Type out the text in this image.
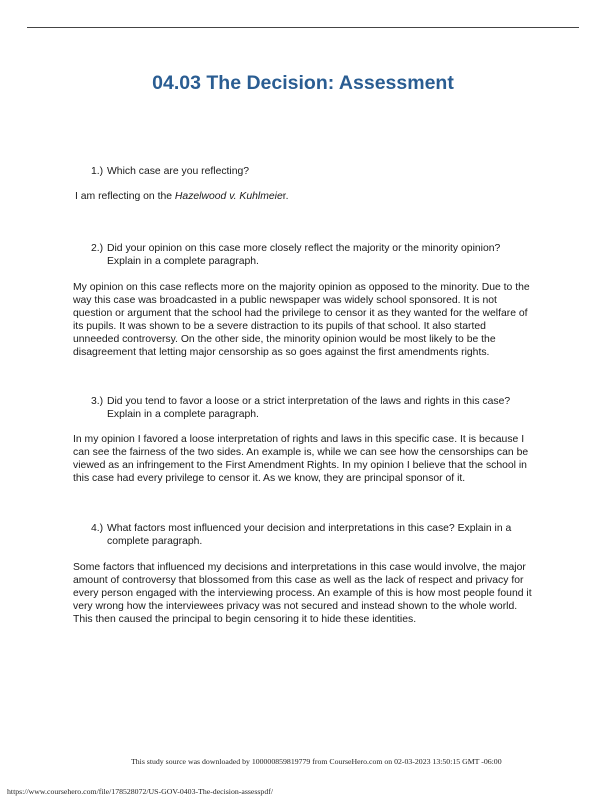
04.03 The Decision: Assessment
1.) Which case are you reflecting?

I am reflecting on the Hazelwood v. Kuhlmeier.

2.) Did your opinion on this case more closely reflect the majority or the minority opinion? Explain in a complete paragraph.

My opinion on this case reflects more on the majority opinion as opposed to the minority. Due to the way this case was broadcasted in a public newspaper was widely school sponsored. It is not question or argument that the school had the privilege to censor it as they wanted for the welfare of its pupils. It was shown to be a severe distraction to its pupils of that school. It also started unneeded controversy. On the other side, the minority opinion would be most likely to be the disagreement that letting major censorship as so goes against the first amendments rights.

3.) Did you tend to favor a loose or a strict interpretation of the laws and rights in this case? Explain in a complete paragraph.

In my opinion I favored a loose interpretation of rights and laws in this specific case. It is because I can see the fairness of the two sides. An example is, while we can see how the censorships can be viewed as an infringement to the First Amendment Rights. In my opinion I believe that the school in this case had every privilege to censor it. As we know, they are principal sponsor of it.

4.) What factors most influenced your decision and interpretations in this case? Explain in a complete paragraph.

Some factors that influenced my decisions and interpretations in this case would involve, the major amount of controversy that blossomed from this case as well as the lack of respect and privacy for every person engaged with the interviewing process. An example of this is how most people found it very wrong how the interviewees privacy was not secured and instead shown to the whole world. This then caused the principal to begin censoring it to hide these identities.

This study source was downloaded by 100000859819779 from CourseHero.com on 02-03-2023 13:50:15 GMT -06:00
https://www.coursehero.com/file/178528072/US-GOV-0403-The-decision-assesspdf/
